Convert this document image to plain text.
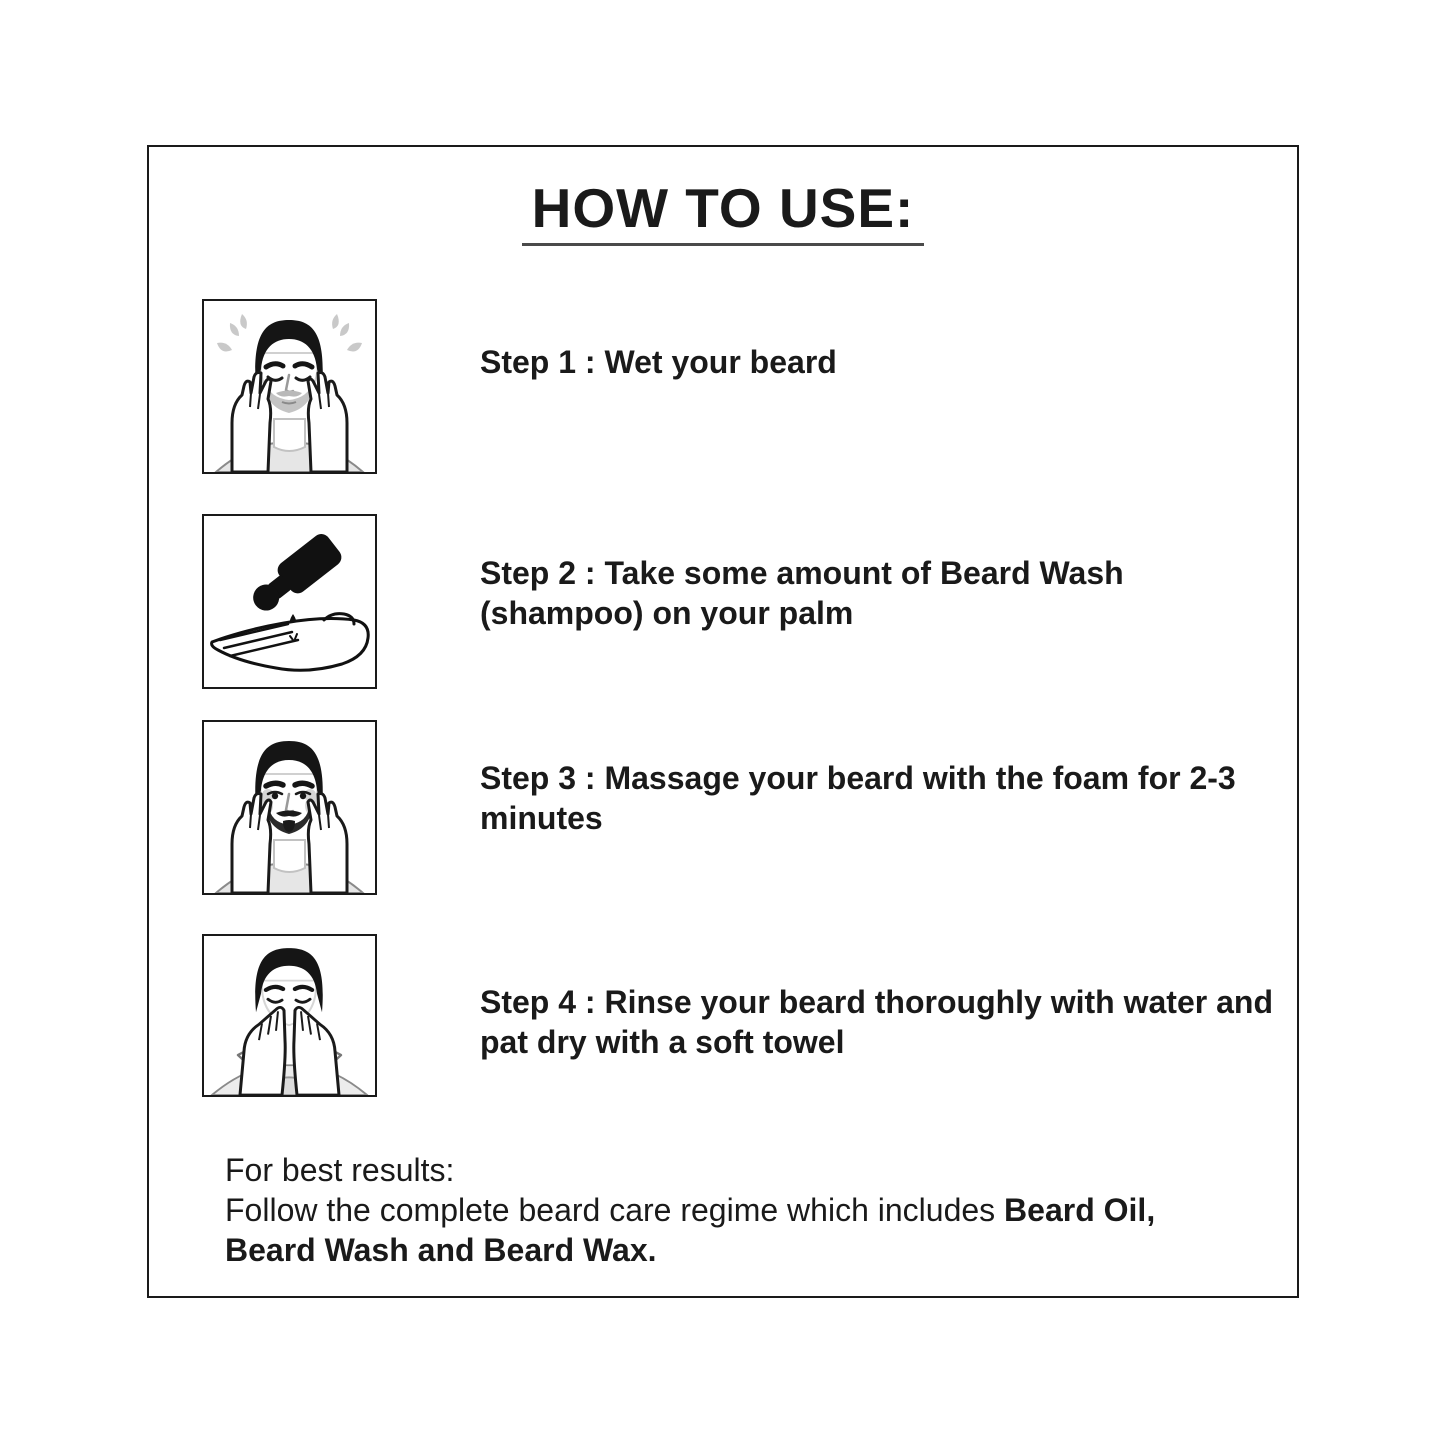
HOW TO USE:
Step 1 : Wet your beard
Step 2 : Take some amount of Beard Wash (shampoo) on your palm
Step 3 : Massage your beard with the foam for 2-3 minutes
Step 4 : Rinse your beard thoroughly with water and pat dry with a soft towel
For best results:
Follow the complete beard care regime which includes Beard Oil,
Beard Wash and Beard Wax.
